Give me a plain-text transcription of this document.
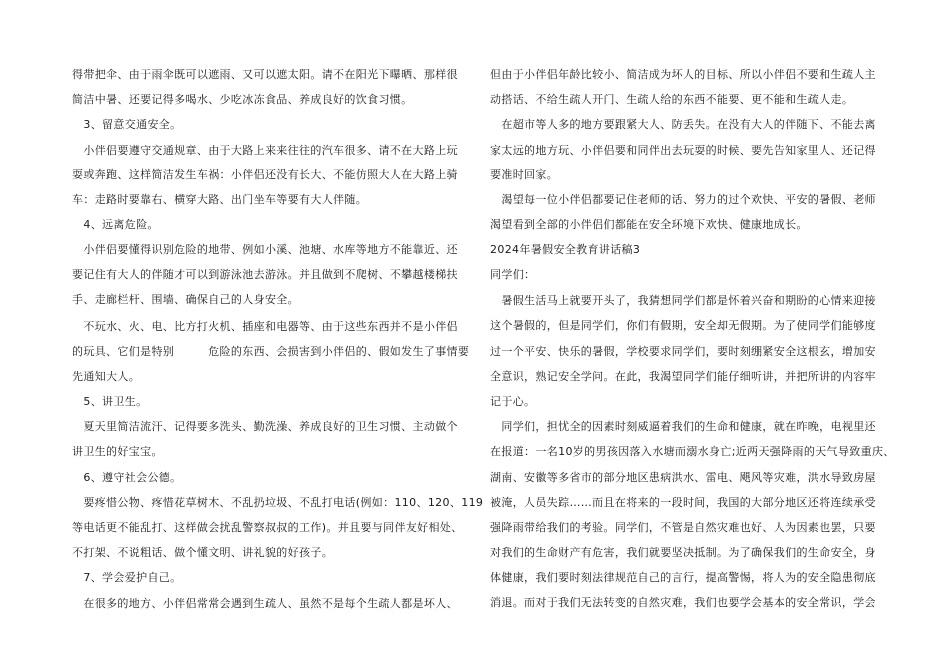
得带把伞、由于雨伞既可以遮雨、又可以遮太阳。请不在阳光下曝晒、那样很
简洁中暑、还要记得多喝水、少吃冰冻食品、养成良好的饮食习惯。
　3、留意交通安全。
　小伴侣要遵守交通规章、由于大路上来来往往的汽车很多、请不在大路上玩
耍或奔跑、这样简洁发生车祸：小伴侣还没有长大、不能仿照大人在大路上骑
车：走路时要靠右、横穿大路、出门坐车等要有大人伴随。
　4、远离危险。
　小伴侣要懂得识别危险的地带、例如小溪、池塘、水库等地方不能靠近、还
要记住有大人的伴随才可以到游泳池去游泳。并且做到不爬树、不攀越楼梯扶
手、走廊栏杆、围墙、确保自己的人身安全。
　不玩水、火、电、比方打火机、插座和电器等、由于这些东西并不是小伴侣
的玩具、它们是特别　　　危险的东西、会损害到小伴侣的、假如发生了事情要
先通知大人。
　5、讲卫生。
　夏天里简洁流汗、记得要多洗头、勤洗澡、养成良好的卫生习惯、主动做个
讲卫生的好宝宝。
　6、遵守社会公德。
　要疼惜公物、疼惜花草树木、不乱扔垃圾、不乱打电话(例如：110、120、119
等电话更不能乱打、这样做会扰乱警察叔叔的工作)。并且要与同伴友好相处、
不打架、不说粗话、做个懂文明、讲礼貌的好孩子。
　7、学会爱护自己。
　在很多的地方、小伴侣常常会遇到生疏人、虽然不是每个生疏人都是坏人、
但由于小伴侣年龄比较小、简洁成为坏人的目标、所以小伴侣不要和生疏人主
动搭话、不给生疏人开门、生疏人给的东西不能要、更不能和生疏人走。
　在超市等人多的地方要跟紧大人、防丢失。在没有大人的伴随下、不能去离
家太远的地方玩、小伴侣要和同伴出去玩耍的时候、要先告知家里人、还记得
要准时回家。
　渴望每一位小伴侣都要记住老师的话、努力的过个欢快、平安的暑假、老师
渴望看到全部的小伴侣们都能在安全环境下欢快、健康地成长。
2024年暑假安全教育讲话稿3
同学们：
　暑假生活马上就要开头了，我猜想同学们都是怀着兴奋和期盼的心情来迎接
这个暑假的，但是同学们，你们有假期，安全却无假期。为了使同学们能够度
过一个平安、快乐的暑假，学校要求同学们，要时刻绷紧安全这根玄，增加安
全意识，熟记安全学问。在此，我渴望同学们能仔细听讲，并把所讲的内容牢
记于心。
　同学们，担忧全的因素时刻威逼着我们的生命和健康，就在昨晚，电视里还
在报道：一名10岁的男孩因落入水塘而溺水身亡;近两天强降雨的天气导致重庆、
湖南、安徽等多省市的部分地区患病洪水、雷电、飓风等灾难，洪水导致房屋
被淹，人员失踪……而且在将来的一段时间，我国的大部分地区还将连续承受
强降雨带给我们的考验。同学们，不管是自然灾难也好、人为因素也罢，只要
对我们的生命财产有危害，我们就要坚决抵制。为了确保我们的生命安全，身
体健康，我们要时刻法律规范自己的言行，提高警惕，将人为的安全隐患彻底
消退。而对于我们无法转变的自然灾难，我们也要学会基本的安全常识，学会
